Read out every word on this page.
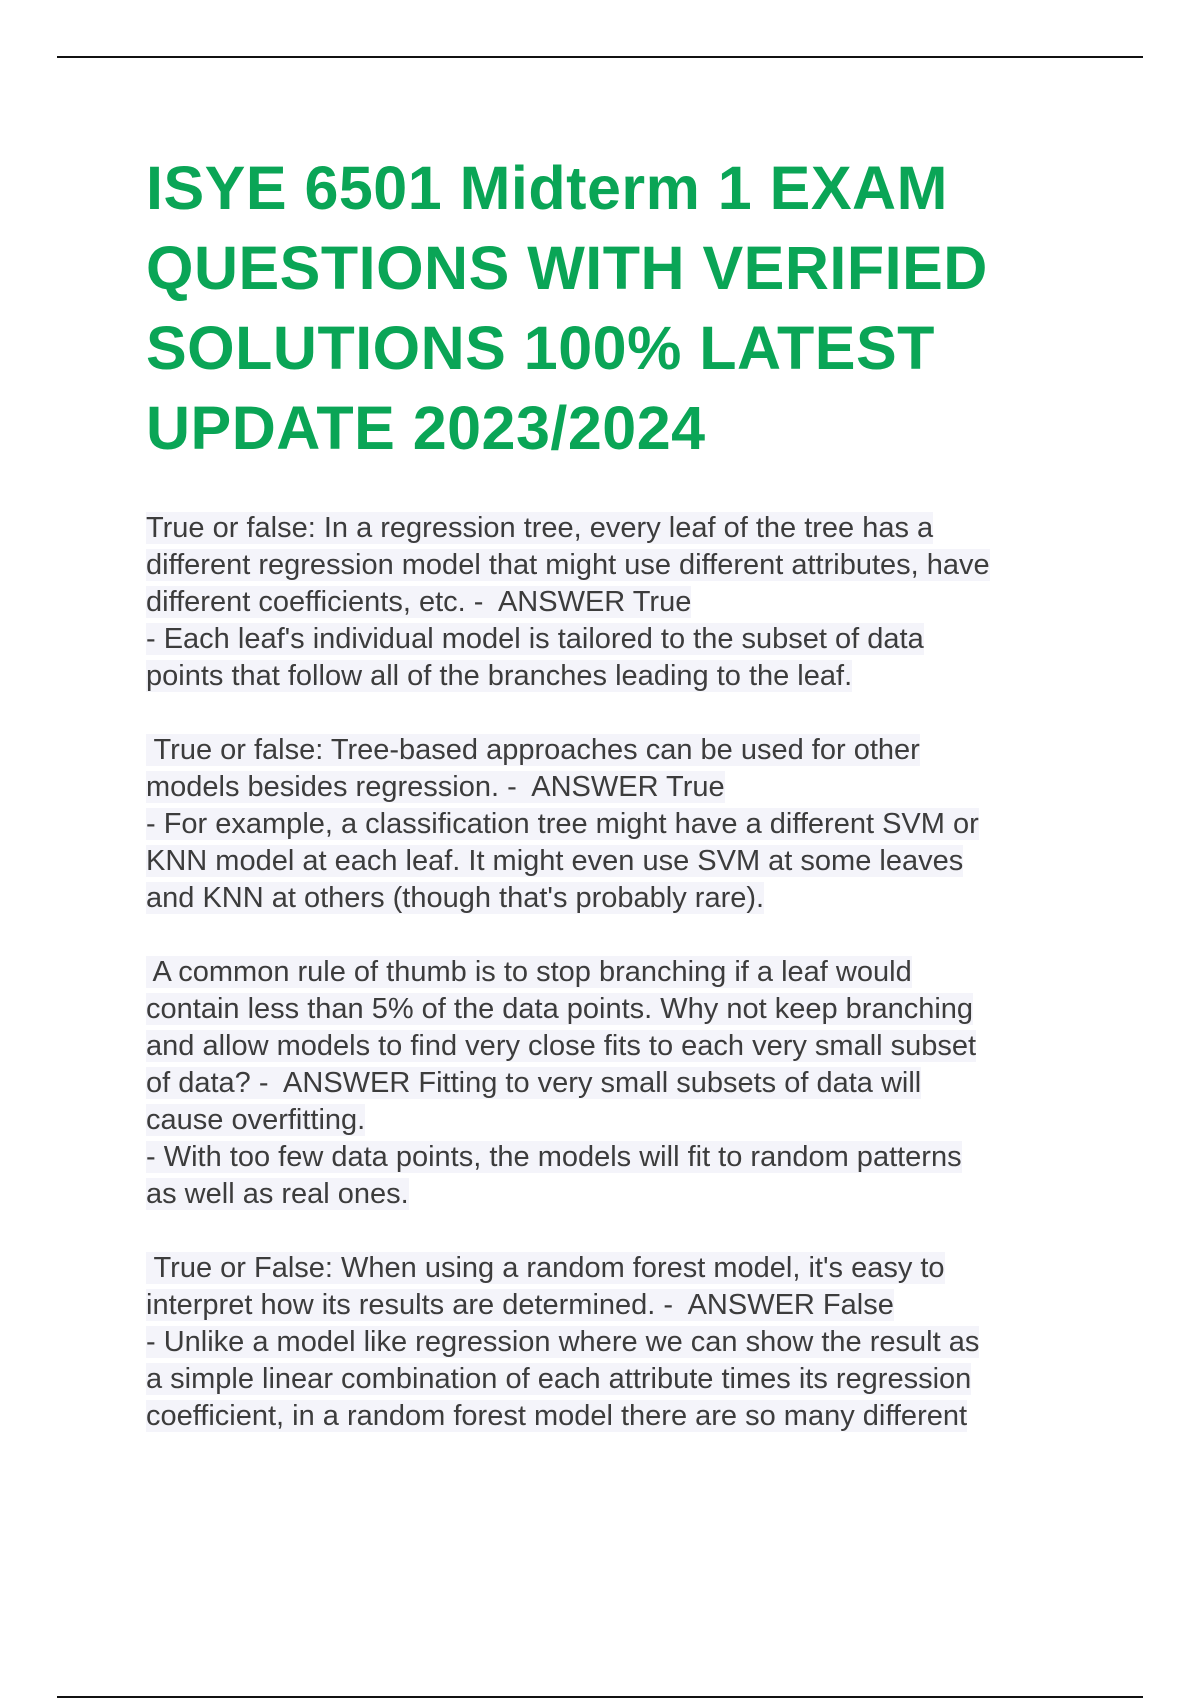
ISYE 6501 Midterm 1 EXAM QUESTIONS WITH VERIFIED SOLUTIONS 100% LATEST UPDATE 2023/2024
True or false: In a regression tree, every leaf of the tree has a
different regression model that might use different attributes, have
different coefficients, etc. -  ANSWER True
- Each leaf's individual model is tailored to the subset of data
points that follow all of the branches leading to the leaf.
True or false: Tree-based approaches can be used for other
models besides regression. -  ANSWER True
- For example, a classification tree might have a different SVM or
KNN model at each leaf. It might even use SVM at some leaves
and KNN at others (though that's probably rare).
A common rule of thumb is to stop branching if a leaf would
contain less than 5% of the data points. Why not keep branching
and allow models to find very close fits to each very small subset
of data? -  ANSWER Fitting to very small subsets of data will
cause overfitting.
- With too few data points, the models will fit to random patterns
as well as real ones.
True or False: When using a random forest model, it's easy to
interpret how its results are determined. -  ANSWER False
- Unlike a model like regression where we can show the result as
a simple linear combination of each attribute times its regression
coefficient, in a random forest model there are so many different
